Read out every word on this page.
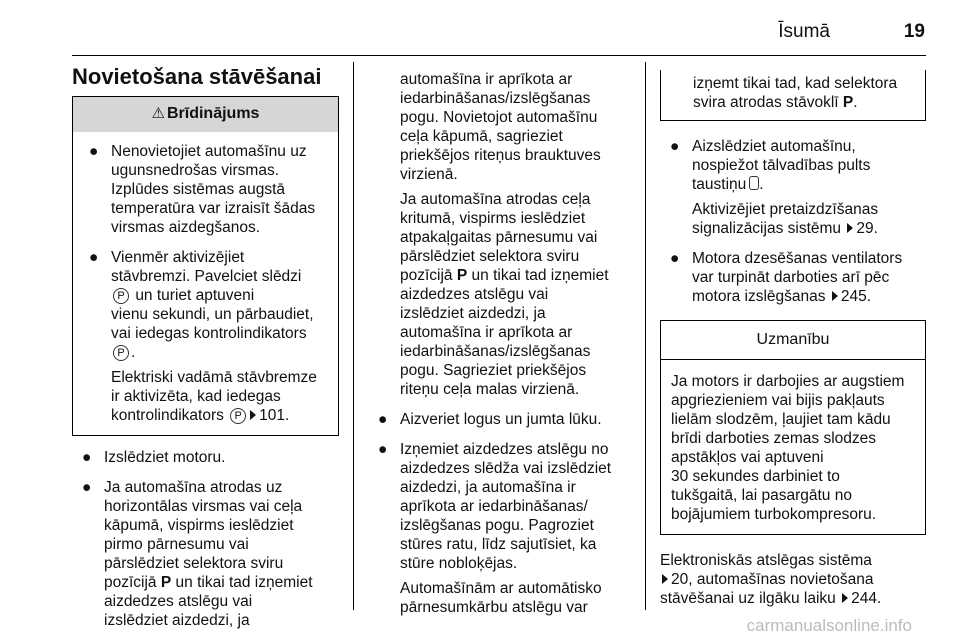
Īsumā	19
Novietošana stāvēšanai
⚠ Brīdinājums
● Nenovietojiet automašīnu uz
ugunsnedrošas virsmas.
Izplūdes sistēmas augstā
temperatūra var izraisīt šādas
virsmas aizdegšanos.
● Vienmēr aktivizējiet
stāvbremzi. Pavelciet slēdzi
P un turiet aptuveni
vienu sekundi, un pārbaudiet,
vai iedegas kontrolindikators
P .
Elektriski vadāmā stāvbremze
ir aktivizēta, kad iedegas
kontrolindikators P 101.
● Izslēdziet motoru.
● Ja automašīna atrodas uz
horizontālas virsmas vai ceļa
kāpumā, vispirms ieslēdziet
pirmo pārnesumu vai
pārslēdziet selektora sviru
pozīcijā P un tikai tad izņemiet
aizdedzes atslēgu vai
izslēdziet aizdedzi, ja
automašīna ir aprīkota ar
iedarbināšanas/izslēgšanas
pogu. Novietojot automašīnu
ceļa kāpumā, sagrieziet
priekšējos riteņus brauktuves
virzienā.
Ja automašīna atrodas ceļa
kritumā, vispirms ieslēdziet
atpakaļgaitas pārnesumu vai
pārslēdziet selektora sviru
pozīcijā P un tikai tad izņemiet
aizdedzes atslēgu vai
izslēdziet aizdedzi, ja
automašīna ir aprīkota ar
iedarbināšanas/izslēgšanas
pogu. Sagrieziet priekšējos
riteņu ceļa malas virzienā.
● Aizveriet logus un jumta lūku.
● Izņemiet aizdedzes atslēgu no
aizdedzes slēdža vai izslēdziet
aizdedzi, ja automašīna ir
aprīkota ar iedarbināšanas/
izslēgšanas pogu. Pagroziet
stūres ratu, līdz sajutīsiet, ka
stūre nobloķējas.
Automašīnām ar automātisko
pārnesumkārbu atslēgu var
izņemt tikai tad, kad selektora
svira atrodas stāvoklī P.
● Aizslēdziet automašīnu,
nospiežot tālvadības pults
taustiņu .
Aktivizējiet pretaizdzīšanas
signalizācijas sistēmu 29.
● Motora dzesēšanas ventilators
var turpināt darboties arī pēc
motora izslēgšanas 245.
Uzmanību
Ja motors ir darbojies ar augstiem
apgriezieniem vai bijis pakļauts
lielām slodzēm, ļaujiet tam kādu
brīdi darboties zemas slodzes
apstākļos vai aptuveni
30 sekundes darbiniet to
tukšgaitā, lai pasargātu no
bojājumiem turbokompresoru.
Elektroniskās atslēgas sistēma
20, automašīnas novietošana
stāvēšanai uz ilgāku laiku 244.
carmanualsonline.info
